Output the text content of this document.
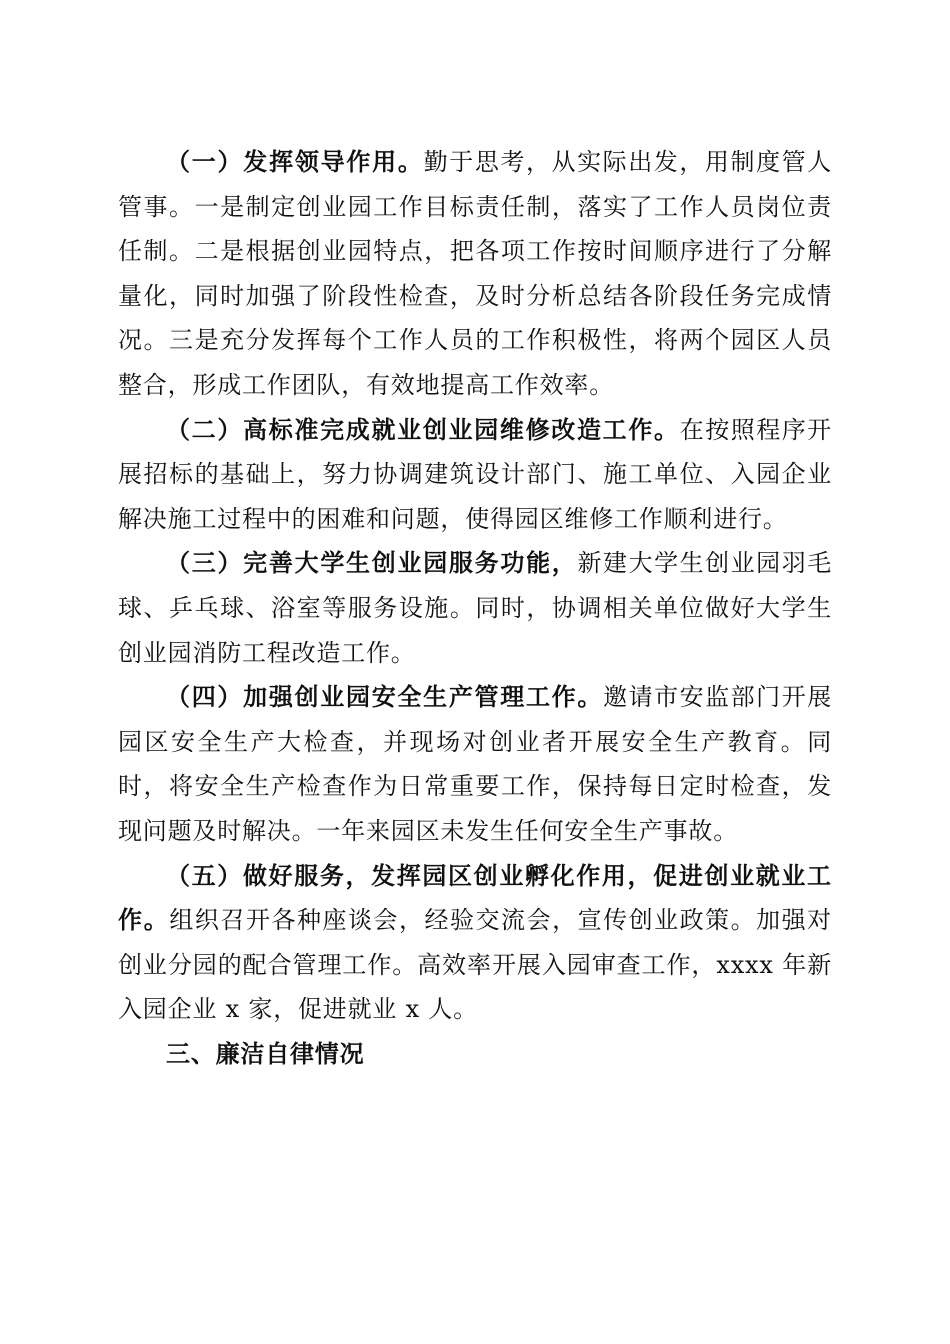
（一）发挥领导作用。勤于思考，从实际出发，用制度管人管事。一是制定创业园工作目标责任制，落实了工作人员岗位责任制。二是根据创业园特点，把各项工作按时间顺序进行了分解量化，同时加强了阶段性检查，及时分析总结各阶段任务完成情况。三是充分发挥每个工作人员的工作积极性，将两个园区人员整合，形成工作团队，有效地提高工作效率。

（二）高标准完成就业创业园维修改造工作。在按照程序开展招标的基础上，努力协调建筑设计部门、施工单位、入园企业解决施工过程中的困难和问题，使得园区维修工作顺利进行。

（三）完善大学生创业园服务功能，新建大学生创业园羽毛球、乒乓球、浴室等服务设施。同时，协调相关单位做好大学生创业园消防工程改造工作。

（四）加强创业园安全生产管理工作。邀请市安监部门开展园区安全生产大检查，并现场对创业者开展安全生产教育。同时，将安全生产检查作为日常重要工作，保持每日定时检查，发现问题及时解决。一年来园区未发生任何安全生产事故。

（五）做好服务，发挥园区创业孵化作用，促进创业就业工作。组织召开各种座谈会，经验交流会，宣传创业政策。加强对创业分园的配合管理工作。高效率开展入园审查工作，xxxx 年新入园企业 x 家，促进就业 x 人。

三、廉洁自律情况
